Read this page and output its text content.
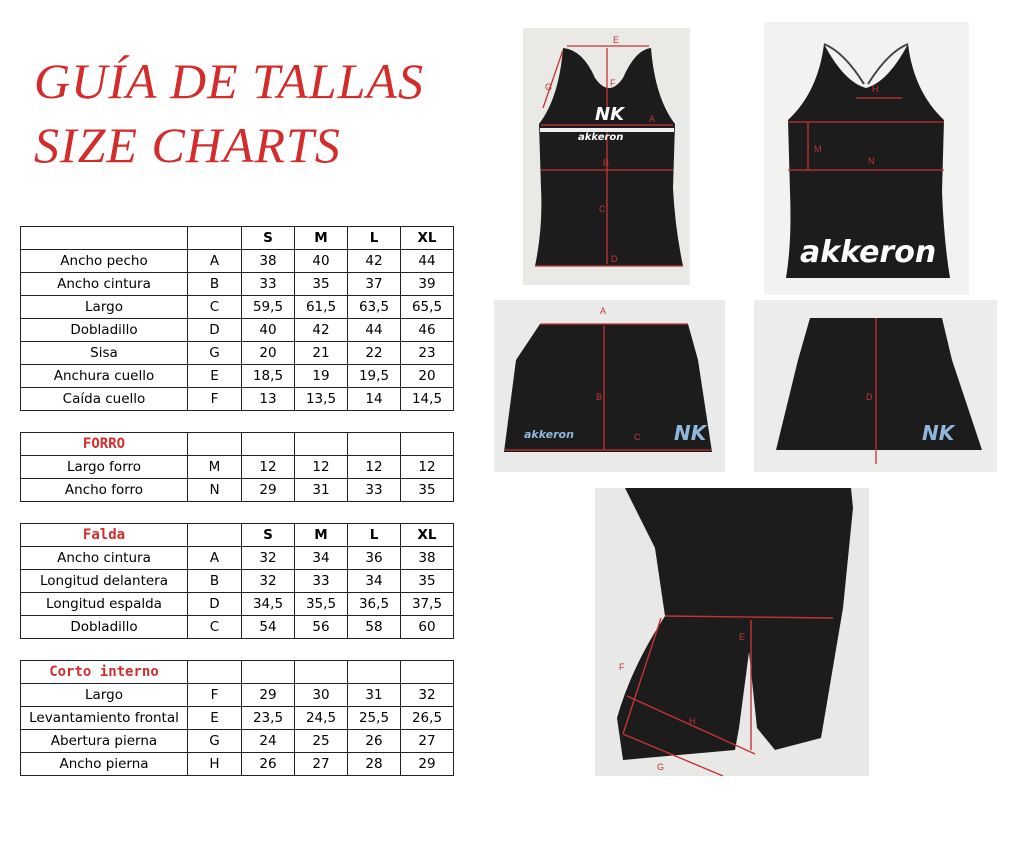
GUÍA DE TALLAS
SIZE CHARTS
		S	M	L	XL
Ancho pecho	A	38	40	42	44
Ancho cintura	B	33	35	37	39
Largo	C	59,5	61,5	63,5	65,5
Dobladillo	D	40	42	44	46
Sisa	G	20	21	22	23
Anchura cuello	E	18,5	19	19,5	20
Caída cuello	F	13	13,5	14	14,5

FORRO					
Largo forro	M	12	12	12	12
Ancho forro	N	29	31	33	35

Falda		S	M	L	XL
Ancho cintura	A	32	34	36	38
Longitud delantera	B	32	33	34	35
Longitud espalda	D	34,5	35,5	36,5	37,5
Dobladillo	C	54	56	58	60

Corto interno					
Largo	F	29	30	31	32
Levantamiento frontal	E	23,5	24,5	25,5	26,5
Abertura pierna	G	24	25	26	27
Ancho pierna	H	26	27	28	29
NK
akkeron
E
G	F
A
B
C
D
H
M
N
akkeron
A
B
C
akkeron	NK
D
NK
E
F
H
G
